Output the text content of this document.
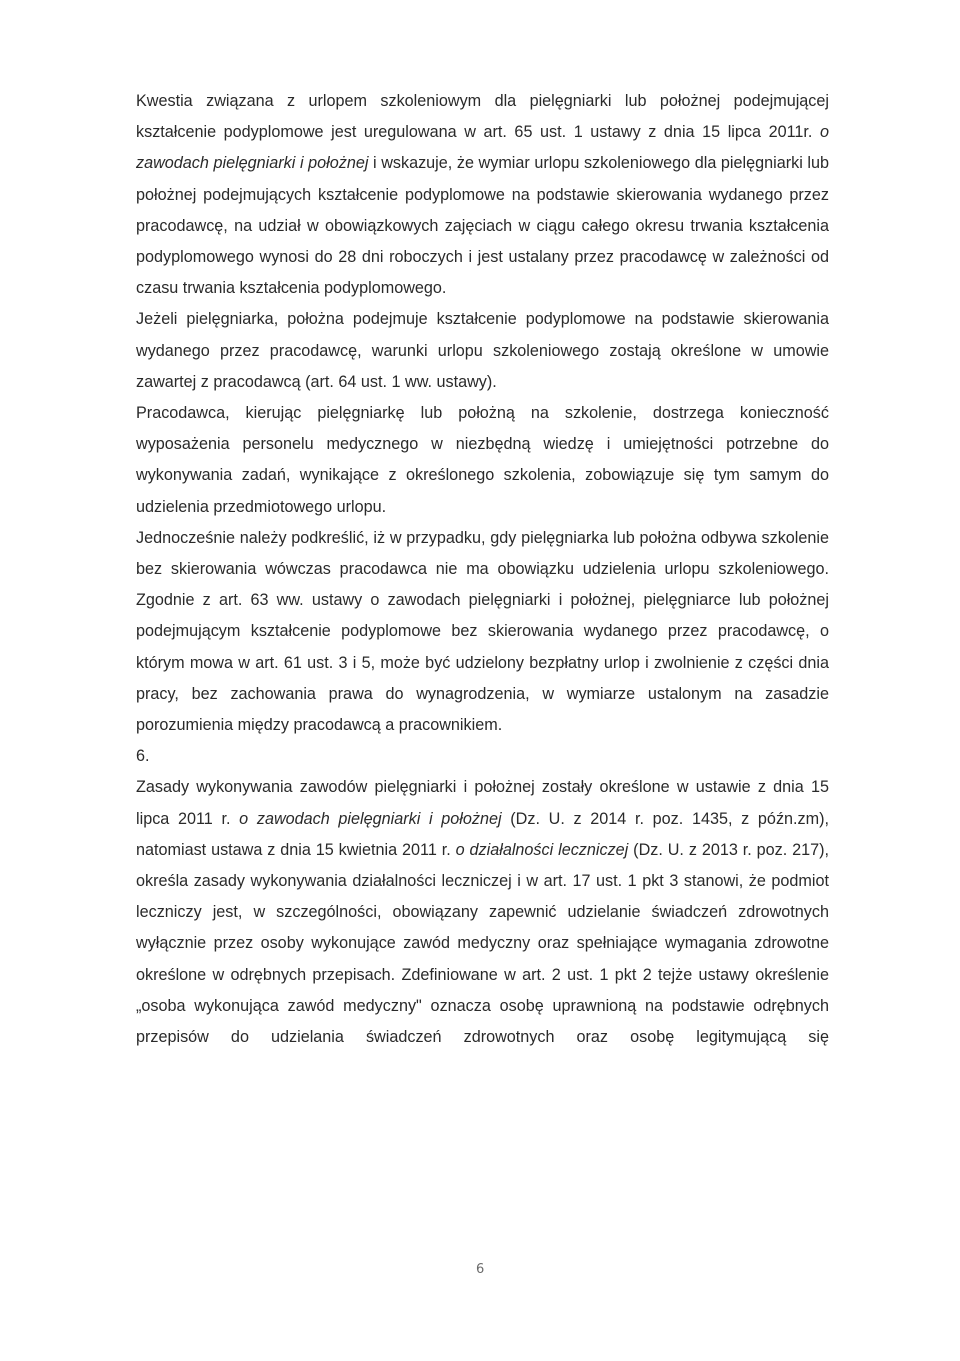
Kwestia związana z urlopem szkoleniowym dla pielęgniarki lub położnej podejmującej kształcenie podyplomowe jest uregulowana w art. 65 ust. 1 ustawy z dnia 15 lipca 2011r. o zawodach pielęgniarki i położnej i wskazuje, że wymiar urlopu szkoleniowego dla pielęgniarki lub położnej podejmujących kształcenie podyplomowe na podstawie skierowania wydanego przez pracodawcę, na udział w obowiązkowych zajęciach w ciągu całego okresu trwania kształcenia podyplomowego wynosi do 28 dni roboczych i jest ustalany przez pracodawcę w zależności od czasu trwania kształcenia podyplomowego.

Jeżeli pielęgniarka, położna podejmuje kształcenie podyplomowe na podstawie skierowania wydanego przez pracodawcę, warunki urlopu szkoleniowego zostają określone w umowie zawartej z pracodawcą (art. 64 ust. 1 ww. ustawy).

Pracodawca, kierując pielęgniarkę lub położną na szkolenie, dostrzega konieczność wyposażenia personelu medycznego w niezbędną wiedzę i umiejętności potrzebne do wykonywania zadań, wynikające z określonego szkolenia, zobowiązuje się tym samym do udzielenia przedmiotowego urlopu.

Jednocześnie należy podkreślić, iż w przypadku, gdy pielęgniarka lub położna odbywa szkolenie bez skierowania wówczas pracodawca nie ma obowiązku udzielenia urlopu szkoleniowego. Zgodnie z art. 63 ww. ustawy o zawodach pielęgniarki i położnej, pielęgniarce lub położnej podejmującym kształcenie podyplomowe bez skierowania wydanego przez pracodawcę, o którym mowa w art. 61 ust. 3 i 5, może być udzielony bezpłatny urlop i zwolnienie z części dnia pracy, bez zachowania prawa do wynagrodzenia, w wymiarze ustalonym na zasadzie porozumienia między pracodawcą a pracownikiem.

6.

Zasady wykonywania zawodów pielęgniarki i położnej zostały określone w ustawie z dnia 15 lipca 2011 r. o zawodach pielęgniarki i położnej (Dz. U. z 2014 r. poz. 1435, z późn.zm), natomiast ustawa z dnia 15 kwietnia 2011 r. o działalności leczniczej (Dz. U. z 2013 r. poz. 217), określa zasady wykonywania działalności leczniczej i w art. 17 ust. 1 pkt 3 stanowi, że podmiot leczniczy jest, w szczególności, obowiązany zapewnić udzielanie świadczeń zdrowotnych wyłącznie przez osoby wykonujące zawód medyczny oraz spełniające wymagania zdrowotne określone w odrębnych przepisach. Zdefiniowane w art. 2 ust. 1 pkt 2 tejże ustawy określenie „osoba wykonująca zawód medyczny" oznacza osobę uprawnioną na podstawie odrębnych przepisów do udzielania świadczeń zdrowotnych oraz osobę legitymującą się

6
